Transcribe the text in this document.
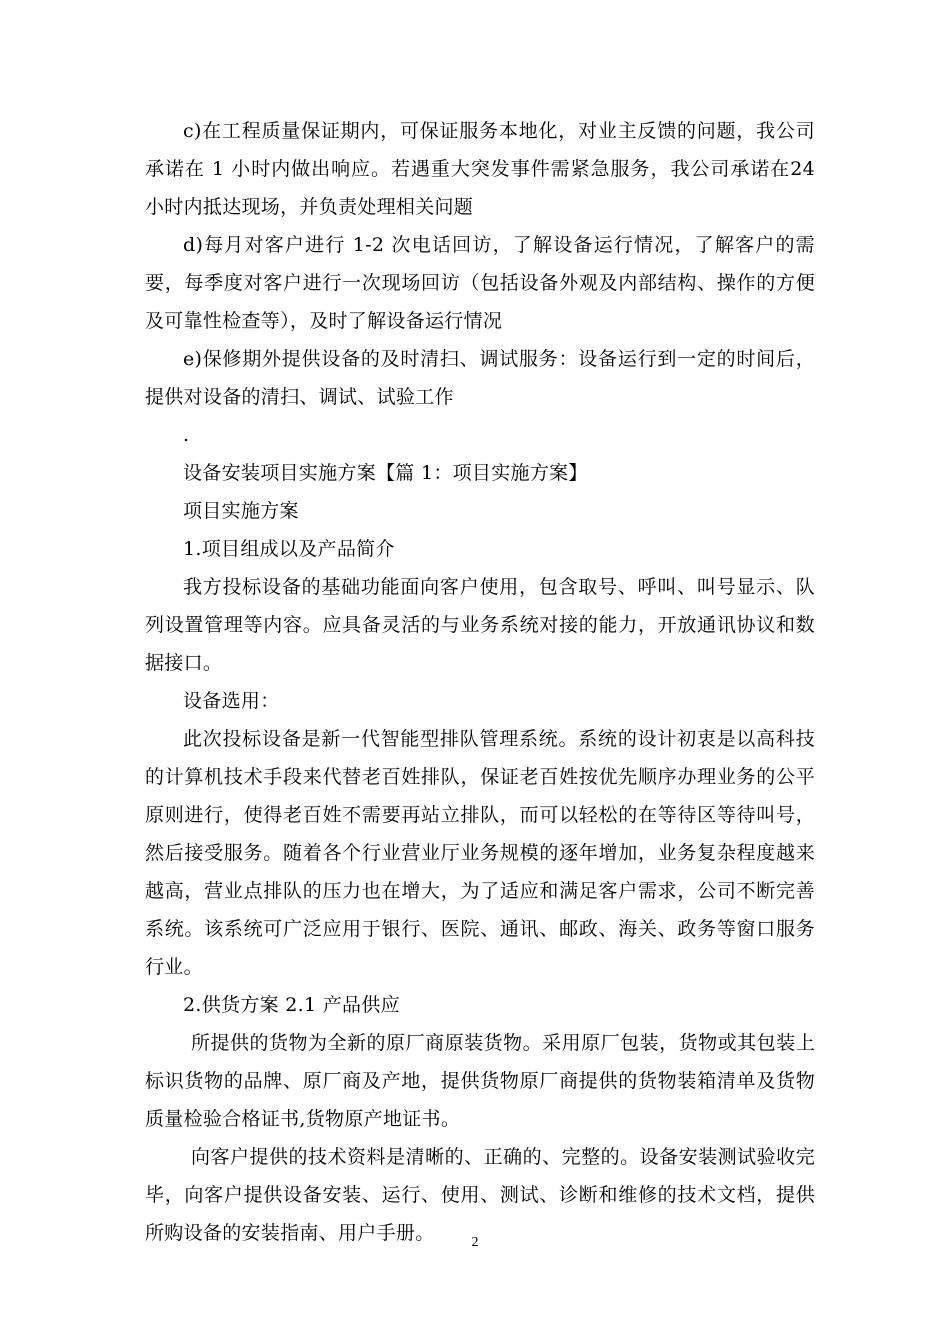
c)在工程质量保证期内，可保证服务本地化，对业主反馈的问题，我公司承诺在 1 小时内做出响应。若遇重大突发事件需紧急服务，我公司承诺在24 小时内抵达现场，并负责处理相关问题

d)每月对客户进行 1-2 次电话回访，了解设备运行情况，了解客户的需要，每季度对客户进行一次现场回访（包括设备外观及内部结构、操作的方便及可靠性检查等），及时了解设备运行情况

e)保修期外提供设备的及时清扫、调试服务：设备运行到一定的时间后，提供对设备的清扫、调试、试验工作

.

设备安装项目实施方案【篇 1：项目实施方案】

项目实施方案

1.项目组成以及产品简介

我方投标设备的基础功能面向客户使用，包含取号、呼叫、叫号显示、队列设置管理等内容。应具备灵活的与业务系统对接的能力，开放通讯协议和数据接口。

设备选用：

此次投标设备是新一代智能型排队管理系统。系统的设计初衷是以高科技的计算机技术手段来代替老百姓排队，保证老百姓按优先顺序办理业务的公平原则进行，使得老百姓不需要再站立排队，而可以轻松的在等待区等待叫号，然后接受服务。随着各个行业营业厅业务规模的逐年增加，业务复杂程度越来越高，营业点排队的压力也在增大，为了适应和满足客户需求，公司不断完善系统。该系统可广泛应用于银行、医院、通讯、邮政、海关、政务等窗口服务行业。

2.供货方案 2.1 产品供应

所提供的货物为全新的原厂商原装货物。采用原厂包装，货物或其包装上标识货物的品牌、原厂商及产地，提供货物原厂商提供的货物装箱清单及货物质量检验合格证书,货物原产地证书。

向客户提供的技术资料是清晰的、正确的、完整的。设备安装测试验收完毕，向客户提供设备安装、运行、使用、测试、诊断和维修的技术文档，提供所购设备的安装指南、用户手册。	2
